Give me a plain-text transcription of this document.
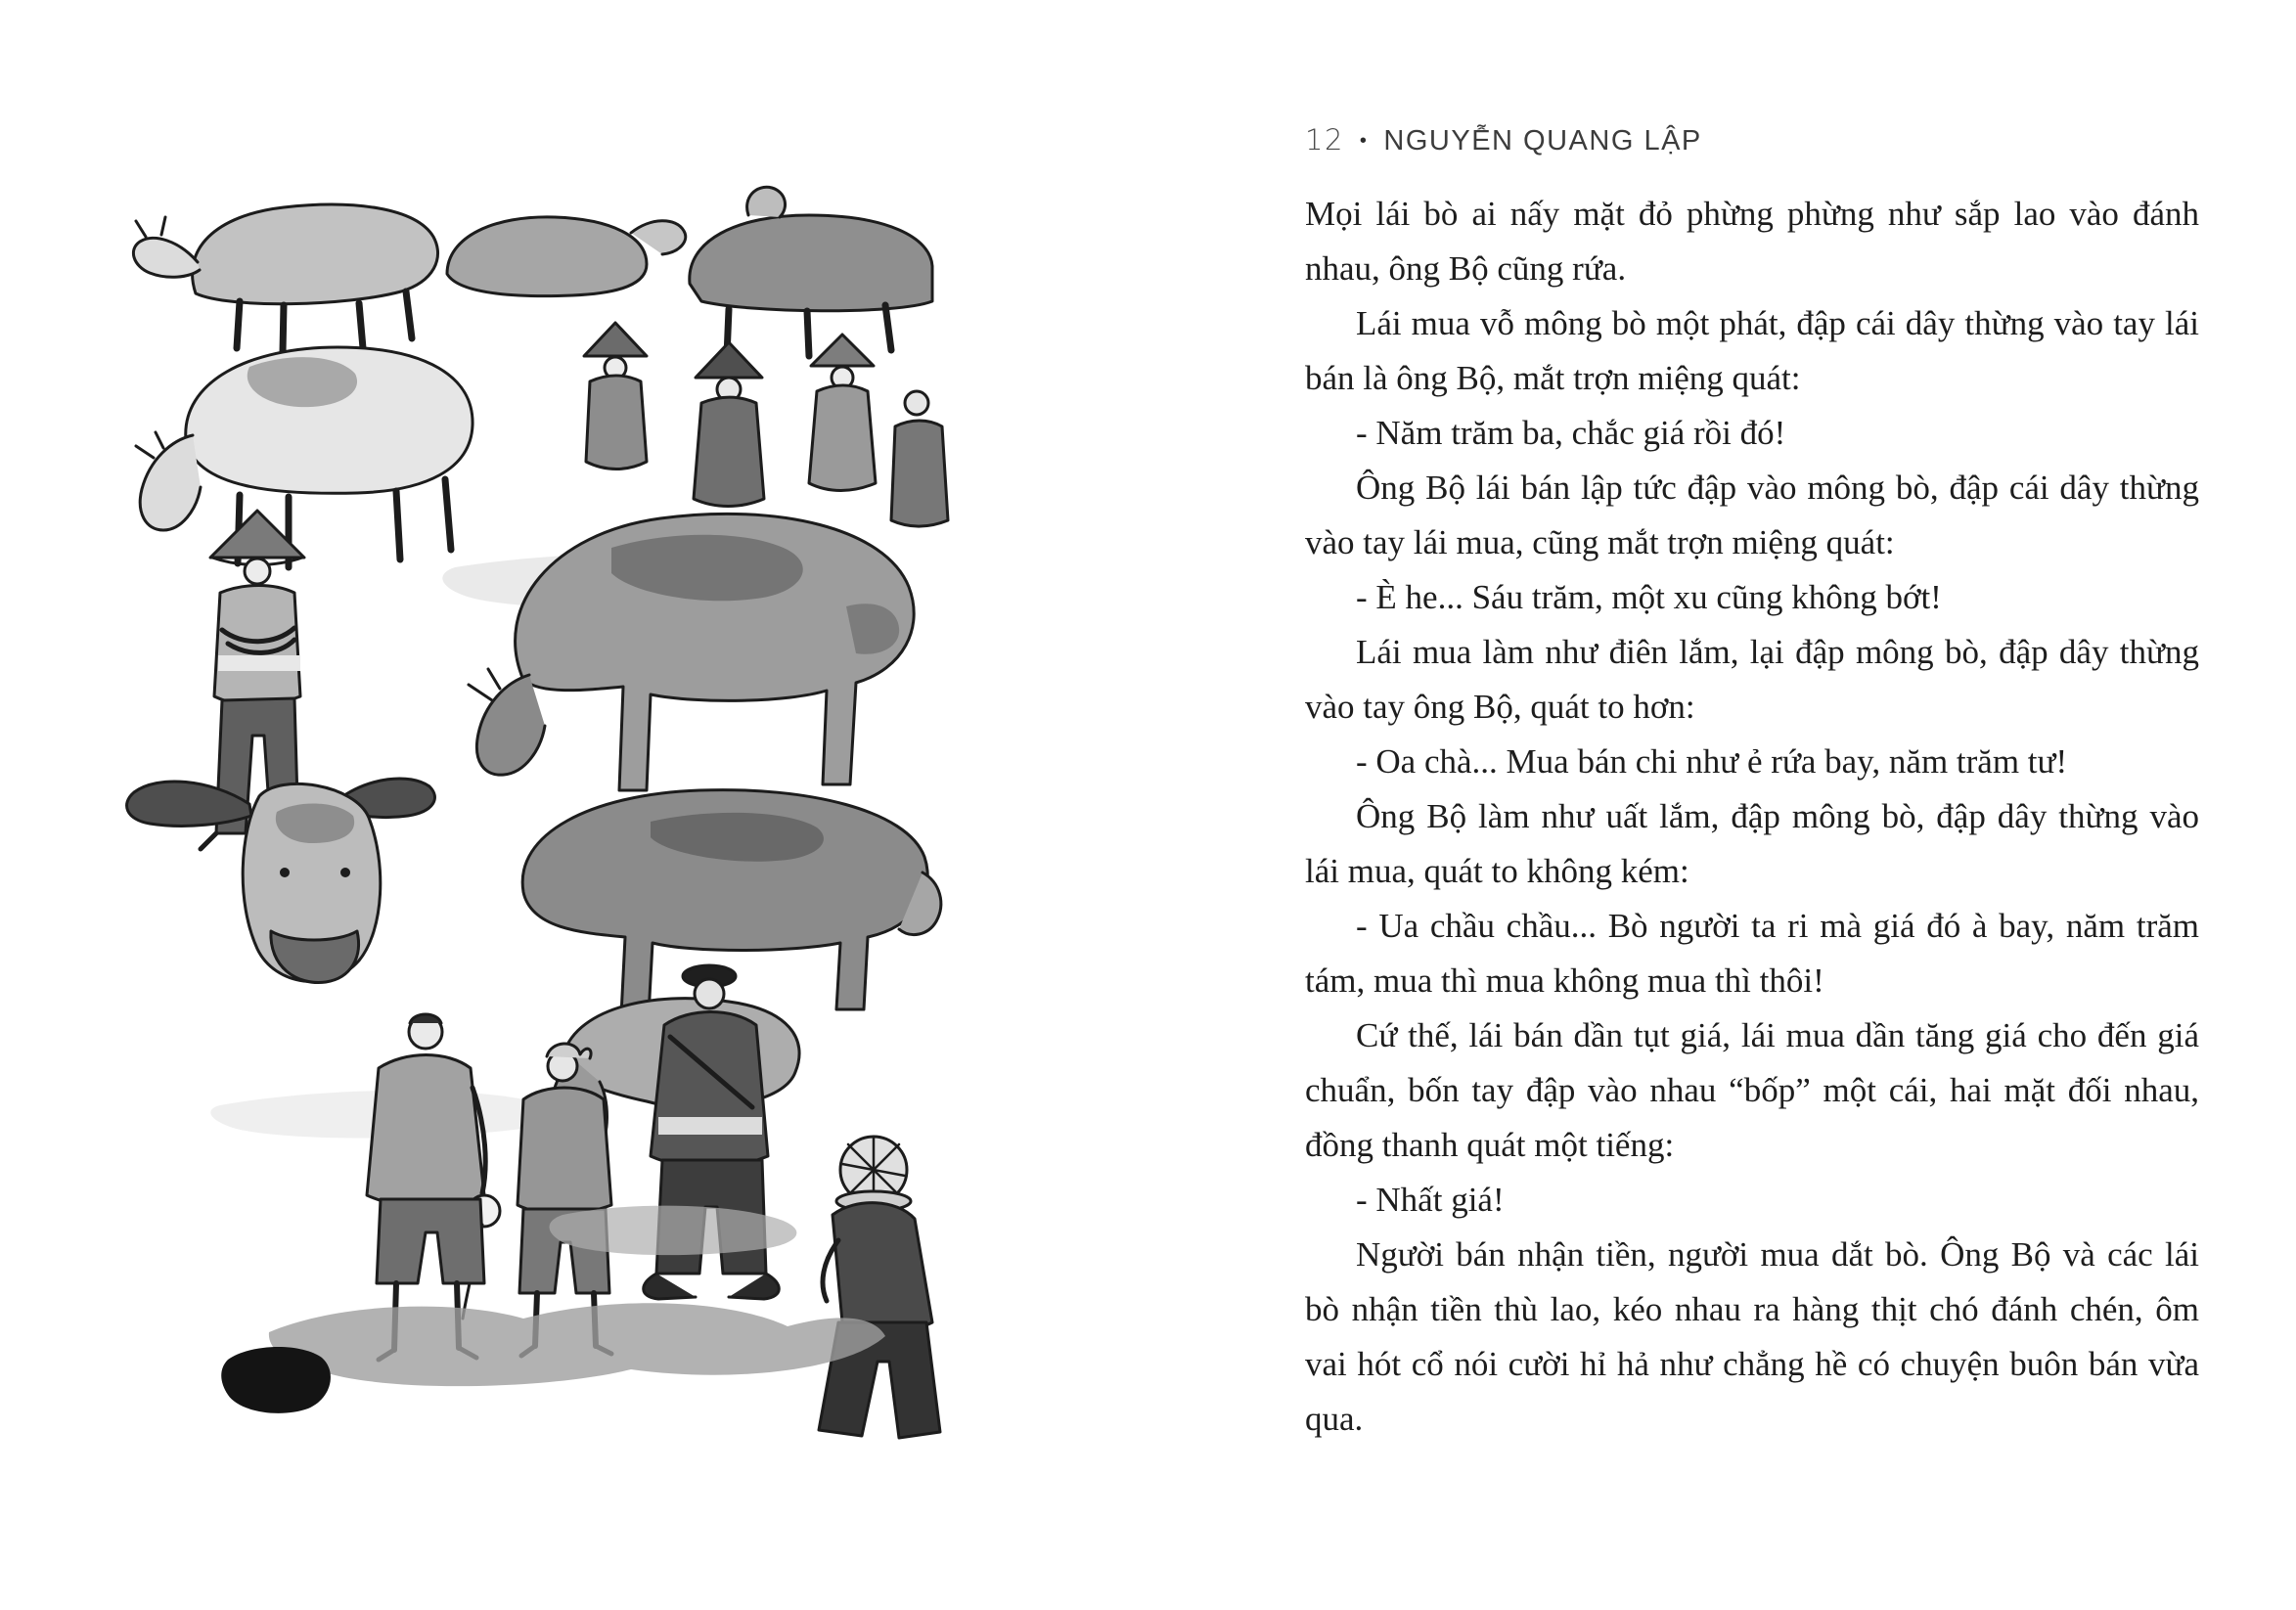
12 • NGUYỄN QUANG LẬP

Mọi lái bò ai nấy mặt đỏ phừng phừng như sắp lao vào đánh nhau, ông Bộ cũng rứa.

Lái mua vỗ mông bò một phát, đập cái dây thừng vào tay lái bán là ông Bộ, mắt trợn miệng quát:

- Năm trăm ba, chắc giá rồi đó!

Ông Bộ lái bán lập tức đập vào mông bò, đập cái dây thừng vào tay lái mua, cũng mắt trợn miệng quát:

- È he... Sáu trăm, một xu cũng không bớt!

Lái mua làm như điên lắm, lại đập mông bò, đập dây thừng vào tay ông Bộ, quát to hơn:

- Oa chà... Mua bán chi như ẻ rứa bay, năm trăm tư!

Ông Bộ làm như uất lắm, đập mông bò, đập dây thừng vào lái mua, quát to không kém:

- Ua chầu chầu... Bò người ta ri mà giá đó à bay, năm trăm tám, mua thì mua không mua thì thôi!

Cứ thế, lái bán dần tụt giá, lái mua dần tăng giá cho đến giá chuẩn, bốn tay đập vào nhau “bốp” một cái, hai mặt đối nhau, đồng thanh quát một tiếng:

- Nhất giá!

Người bán nhận tiền, người mua dắt bò. Ông Bộ và các lái bò nhận tiền thù lao, kéo nhau ra hàng thịt chó đánh chén, ôm vai hót cổ nói cười hỉ hả như chẳng hề có chuyện buôn bán vừa qua.
